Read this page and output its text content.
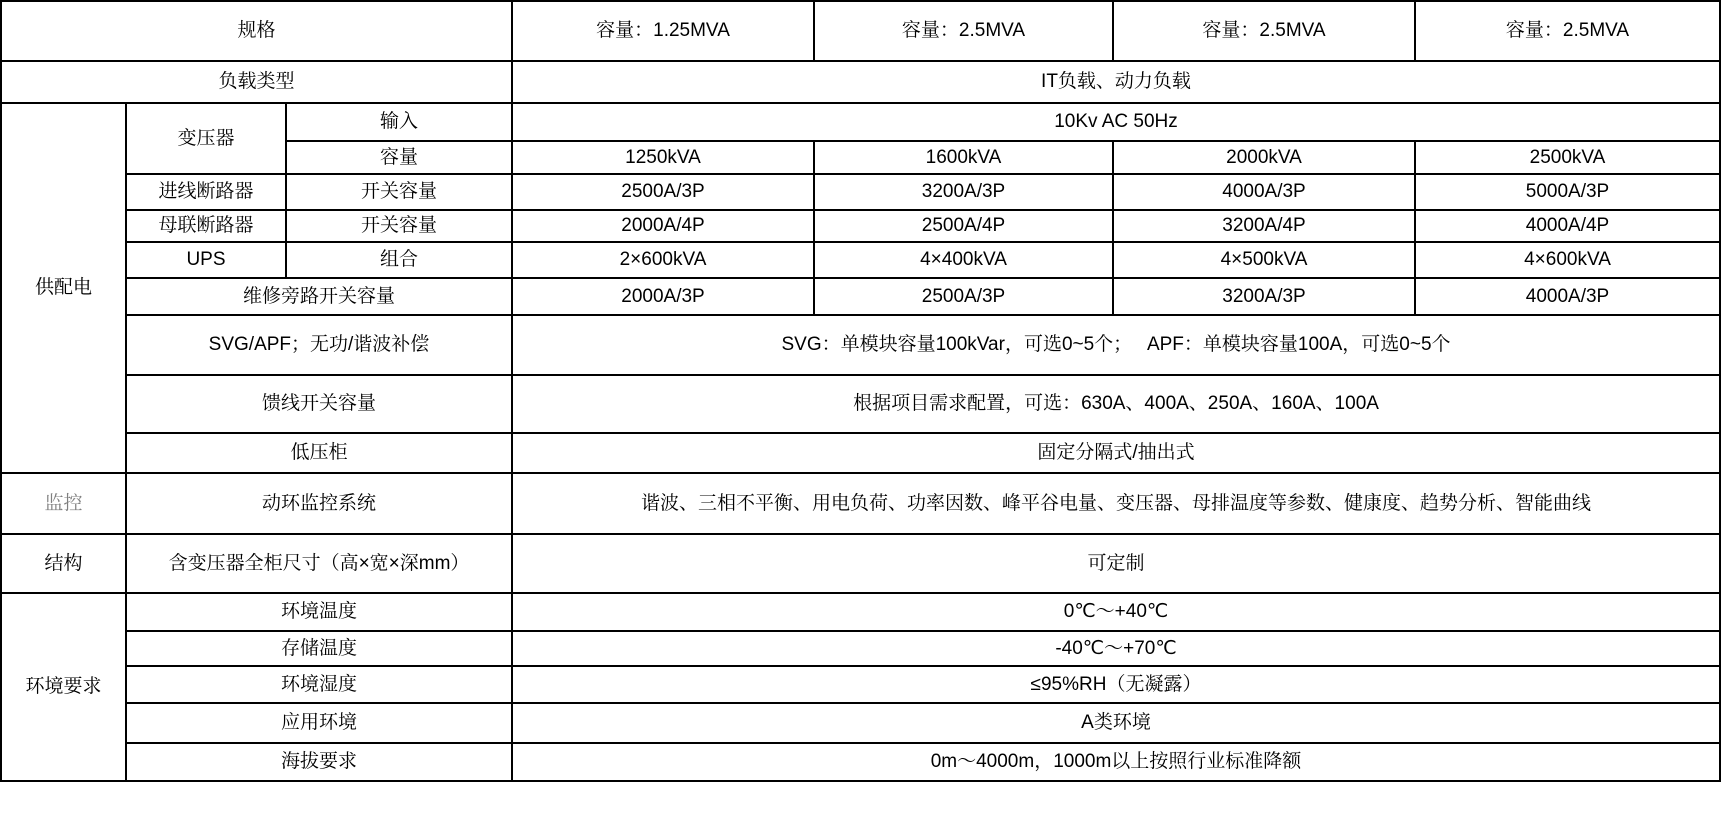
规格			容量：1.25MVA	容量：2.5MVA	容量：2.5MVA	容量：2.5MVA
负载类型			IT负载、动力负载			
供配电	变压器	输入	10Kv AC 50Hz			
		容量	1250kVA	1600kVA	2000kVA	2500kVA
	进线断路器	开关容量	2500A/3P	3200A/3P	4000A/3P	5000A/3P
	母联断路器	开关容量	2000A/4P	2500A/4P	3200A/4P	4000A/4P
	UPS	组合	2×600kVA	4×400kVA	4×500kVA	4×600kVA
	维修旁路开关容量		2000A/3P	2500A/3P	3200A/3P	4000A/3P
	SVG/APF；无功/谐波补偿		SVG：单模块容量100kVar，可选0~5个；　 APF：单模块容量100A，可选0~5个			
	馈线开关容量		根据项目需求配置，可选：630A、400A、250A、160A、100A			
	低压柜		固定分隔式/抽出式			
监控	动环监控系统		谐波、三相不平衡、用电负荷、功率因数、峰平谷电量、变压器、母排温度等参数、健康度、趋势分析、智能曲线			
结构	含变压器全柜尺寸（高×宽×深mm）		可定制			
环境要求	环境温度		0℃～+40℃			
	存储温度		-40℃～+70℃			
	环境湿度		≤95%RH（无凝露）			
	应用环境		A类环境			
	海拔要求		0m～4000m，1000m以上按照行业标准降额			
